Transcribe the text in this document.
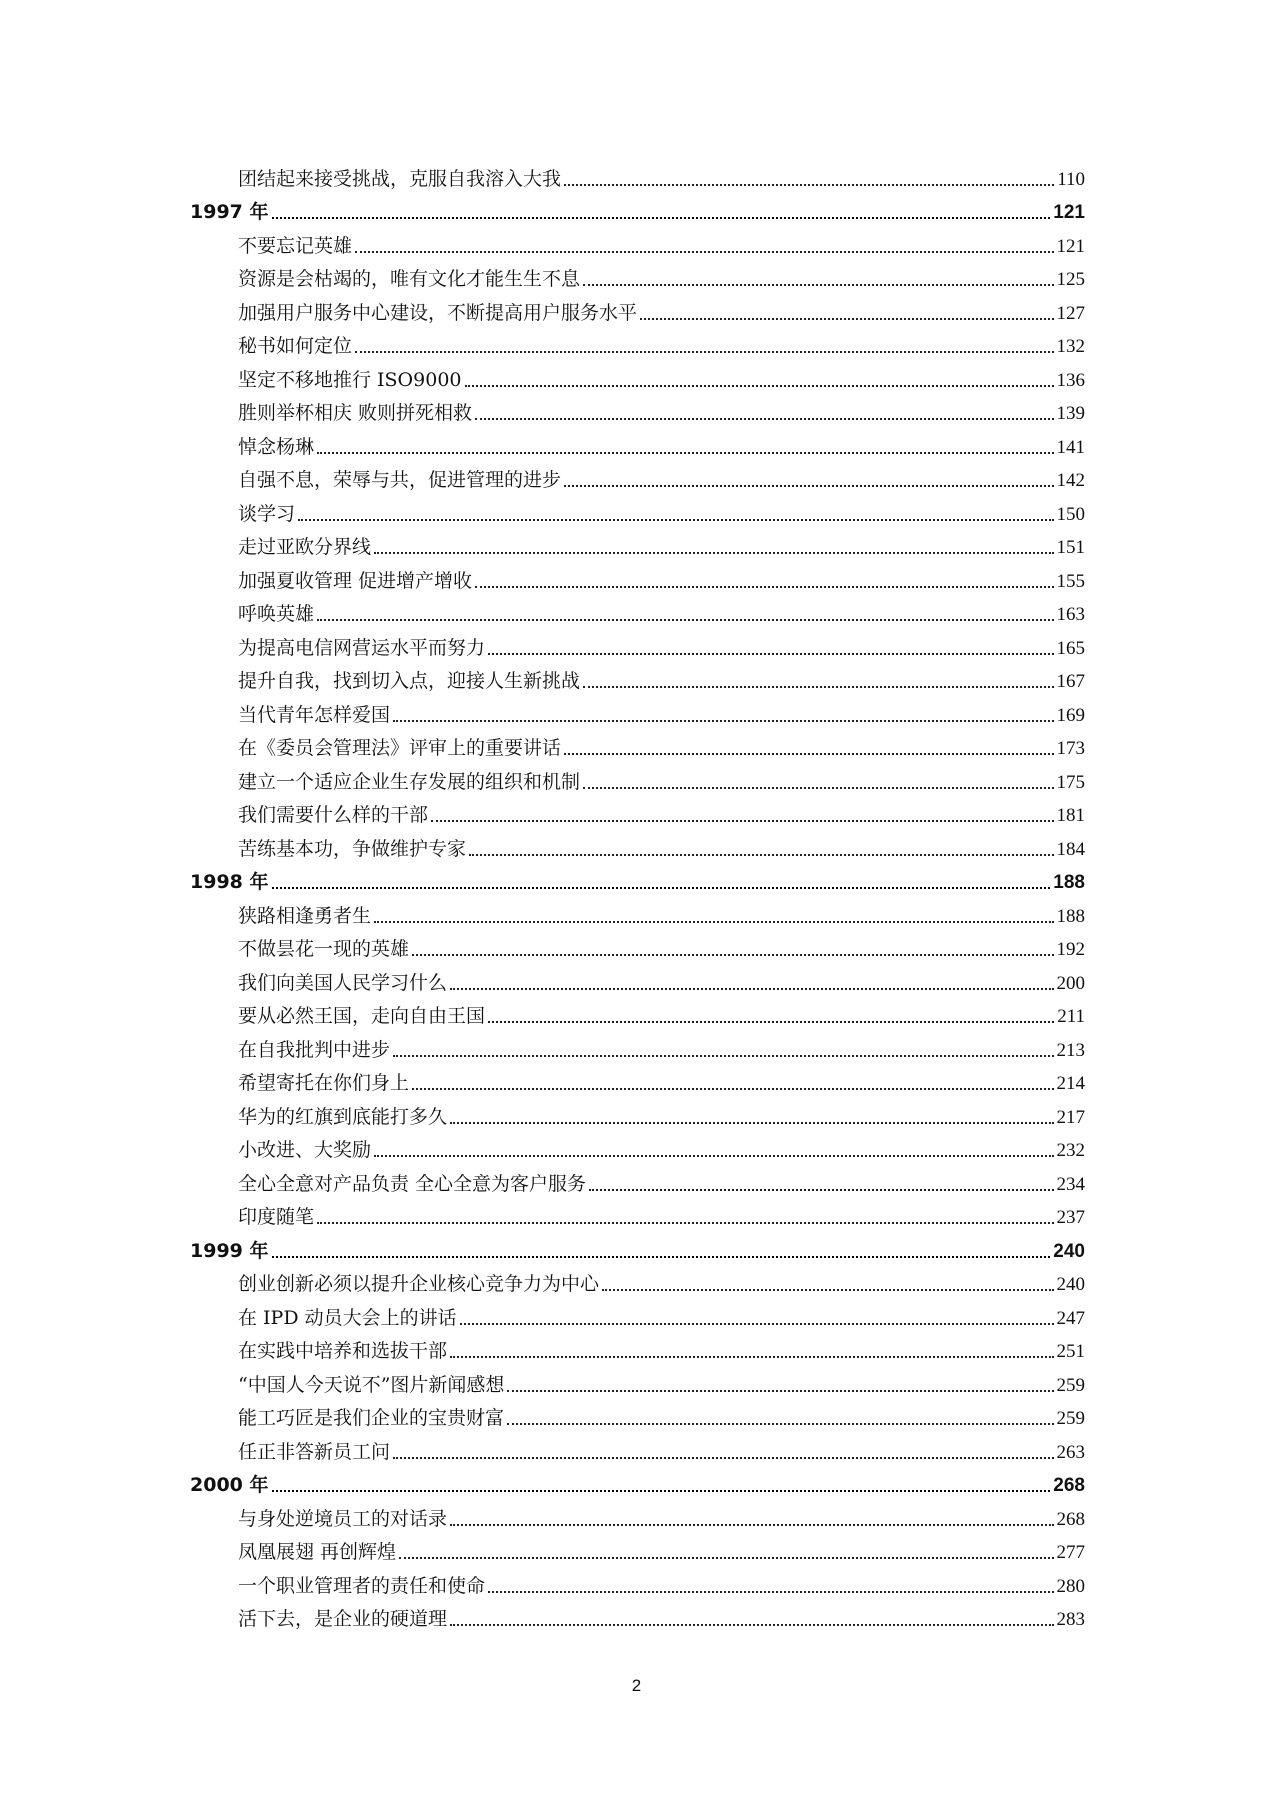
团结起来接受挑战，克服自我溶入大我	110
1997 年	121
不要忘记英雄	121
资源是会枯竭的，唯有文化才能生生不息	125
加强用户服务中心建设，不断提高用户服务水平	127
秘书如何定位	132
坚定不移地推行 ISO9000	136
胜则举杯相庆 败则拼死相救	139
悼念杨琳	141
自强不息，荣辱与共，促进管理的进步	142
谈学习	150
走过亚欧分界线	151
加强夏收管理 促进增产增收	155
呼唤英雄	163
为提高电信网营运水平而努力	165
提升自我，找到切入点，迎接人生新挑战	167
当代青年怎样爱国	169
在《委员会管理法》评审上的重要讲话	173
建立一个适应企业生存发展的组织和机制	175
我们需要什么样的干部	181
苦练基本功，争做维护专家	184
1998 年	188
狭路相逢勇者生	188
不做昙花一现的英雄	192
我们向美国人民学习什么	200
要从必然王国，走向自由王国	211
在自我批判中进步	213
希望寄托在你们身上	214
华为的红旗到底能打多久	217
小改进、大奖励	232
全心全意对产品负责 全心全意为客户服务	234
印度随笔	237
1999 年	240
创业创新必须以提升企业核心竞争力为中心	240
在 IPD 动员大会上的讲话	247
在实践中培养和选拔干部	251
“中国人今天说不”图片新闻感想	259
能工巧匠是我们企业的宝贵财富	259
任正非答新员工问	263
2000 年	268
与身处逆境员工的对话录	268
凤凰展翅 再创辉煌	277
一个职业管理者的责任和使命	280
活下去，是企业的硬道理	283
2
